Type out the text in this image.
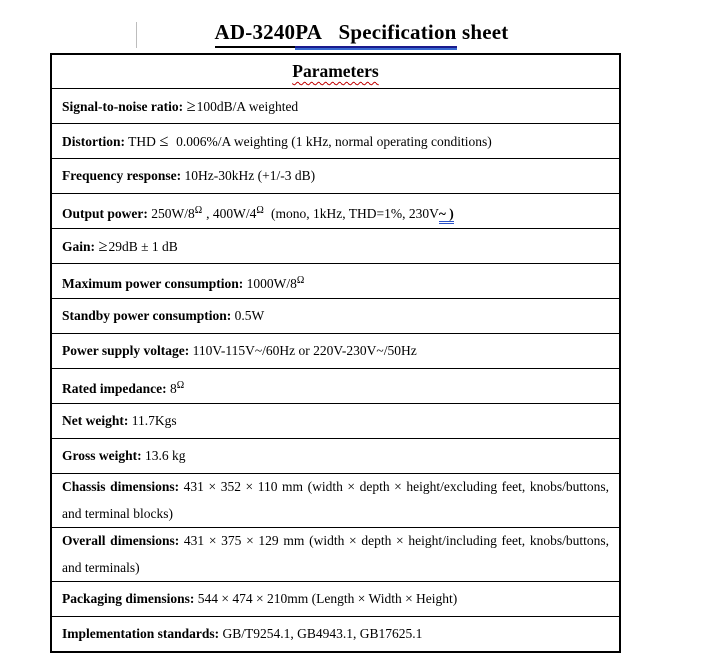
AD-3240PA   Specification sheet
Parameters
Signal-to-noise ratio: ≥100dB/A weighted
Distortion: THD ≤  0.006%/A weighting (1 kHz, normal operating conditions)
Frequency response: 10Hz-30kHz (+1/-3 dB)
Output power: $250W/8^\Omega$ , $400W/4^\Omega$  (mono, 1kHz, THD=1%, 230V~ )
Gain: ≥29dB ± 1 dB
Maximum power consumption: $1000W/8^\Omega$
Standby power consumption: 0.5W
Power supply voltage: 110V-115V~/60Hz or 220V-230V~/50Hz
Rated impedance: $8^\Omega$
Net weight: 11.7Kgs
Gross weight: 13.6 kg
Chassis dimensions: 431 × 352 × 110 mm (width × depth × height/excluding feet, knobs/buttons, and terminal blocks)
Overall dimensions: 431 × 375 × 129 mm (width × depth × height/including feet, knobs/buttons, and terminals)
Packaging dimensions: 544 × 474 × 210mm (Length × Width × Height)
Implementation standards: GB/T9254.1, GB4943.1, GB17625.1
